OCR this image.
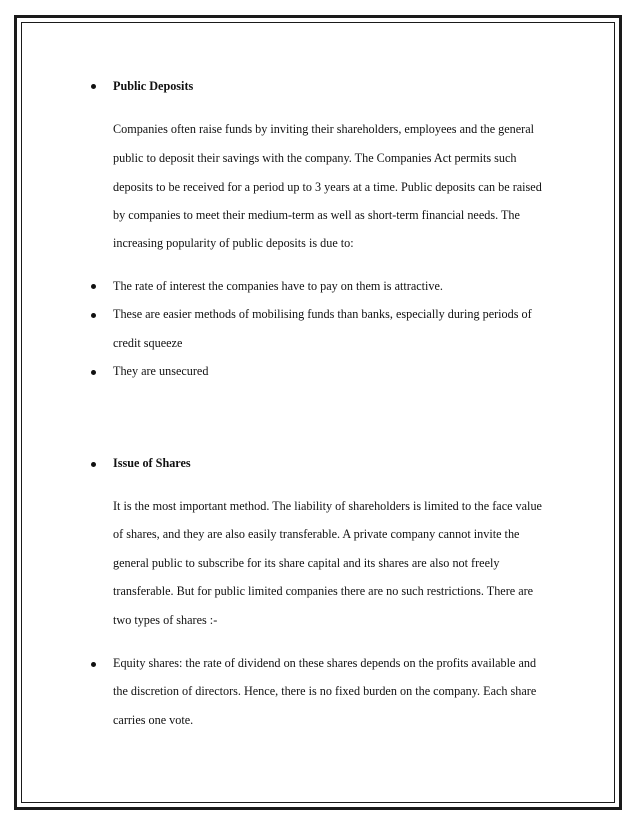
Public Deposits
Companies often raise funds by inviting their shareholders, employees and the general
public to deposit their savings with the company. The Companies Act permits such
deposits to be received for a period up to 3 years at a time. Public deposits can be raised
by companies to meet their medium-term as well as short-term financial needs. The
increasing popularity of public deposits is due to:
The rate of interest the companies have to pay on them is attractive.
These are easier methods of mobilising funds than banks, especially during periods of
credit squeeze
They are unsecured
Issue of Shares
It is the most important method. The liability of shareholders is limited to the face value
of shares, and they are also easily transferable. A private company cannot invite the
general public to subscribe for its share capital and its shares are also not freely
transferable. But for public limited companies there are no such restrictions. There are
two types of shares :-
Equity shares: the rate of dividend on these shares depends on the profits available and
the discretion of directors. Hence, there is no fixed burden on the company. Each share
carries one vote.
